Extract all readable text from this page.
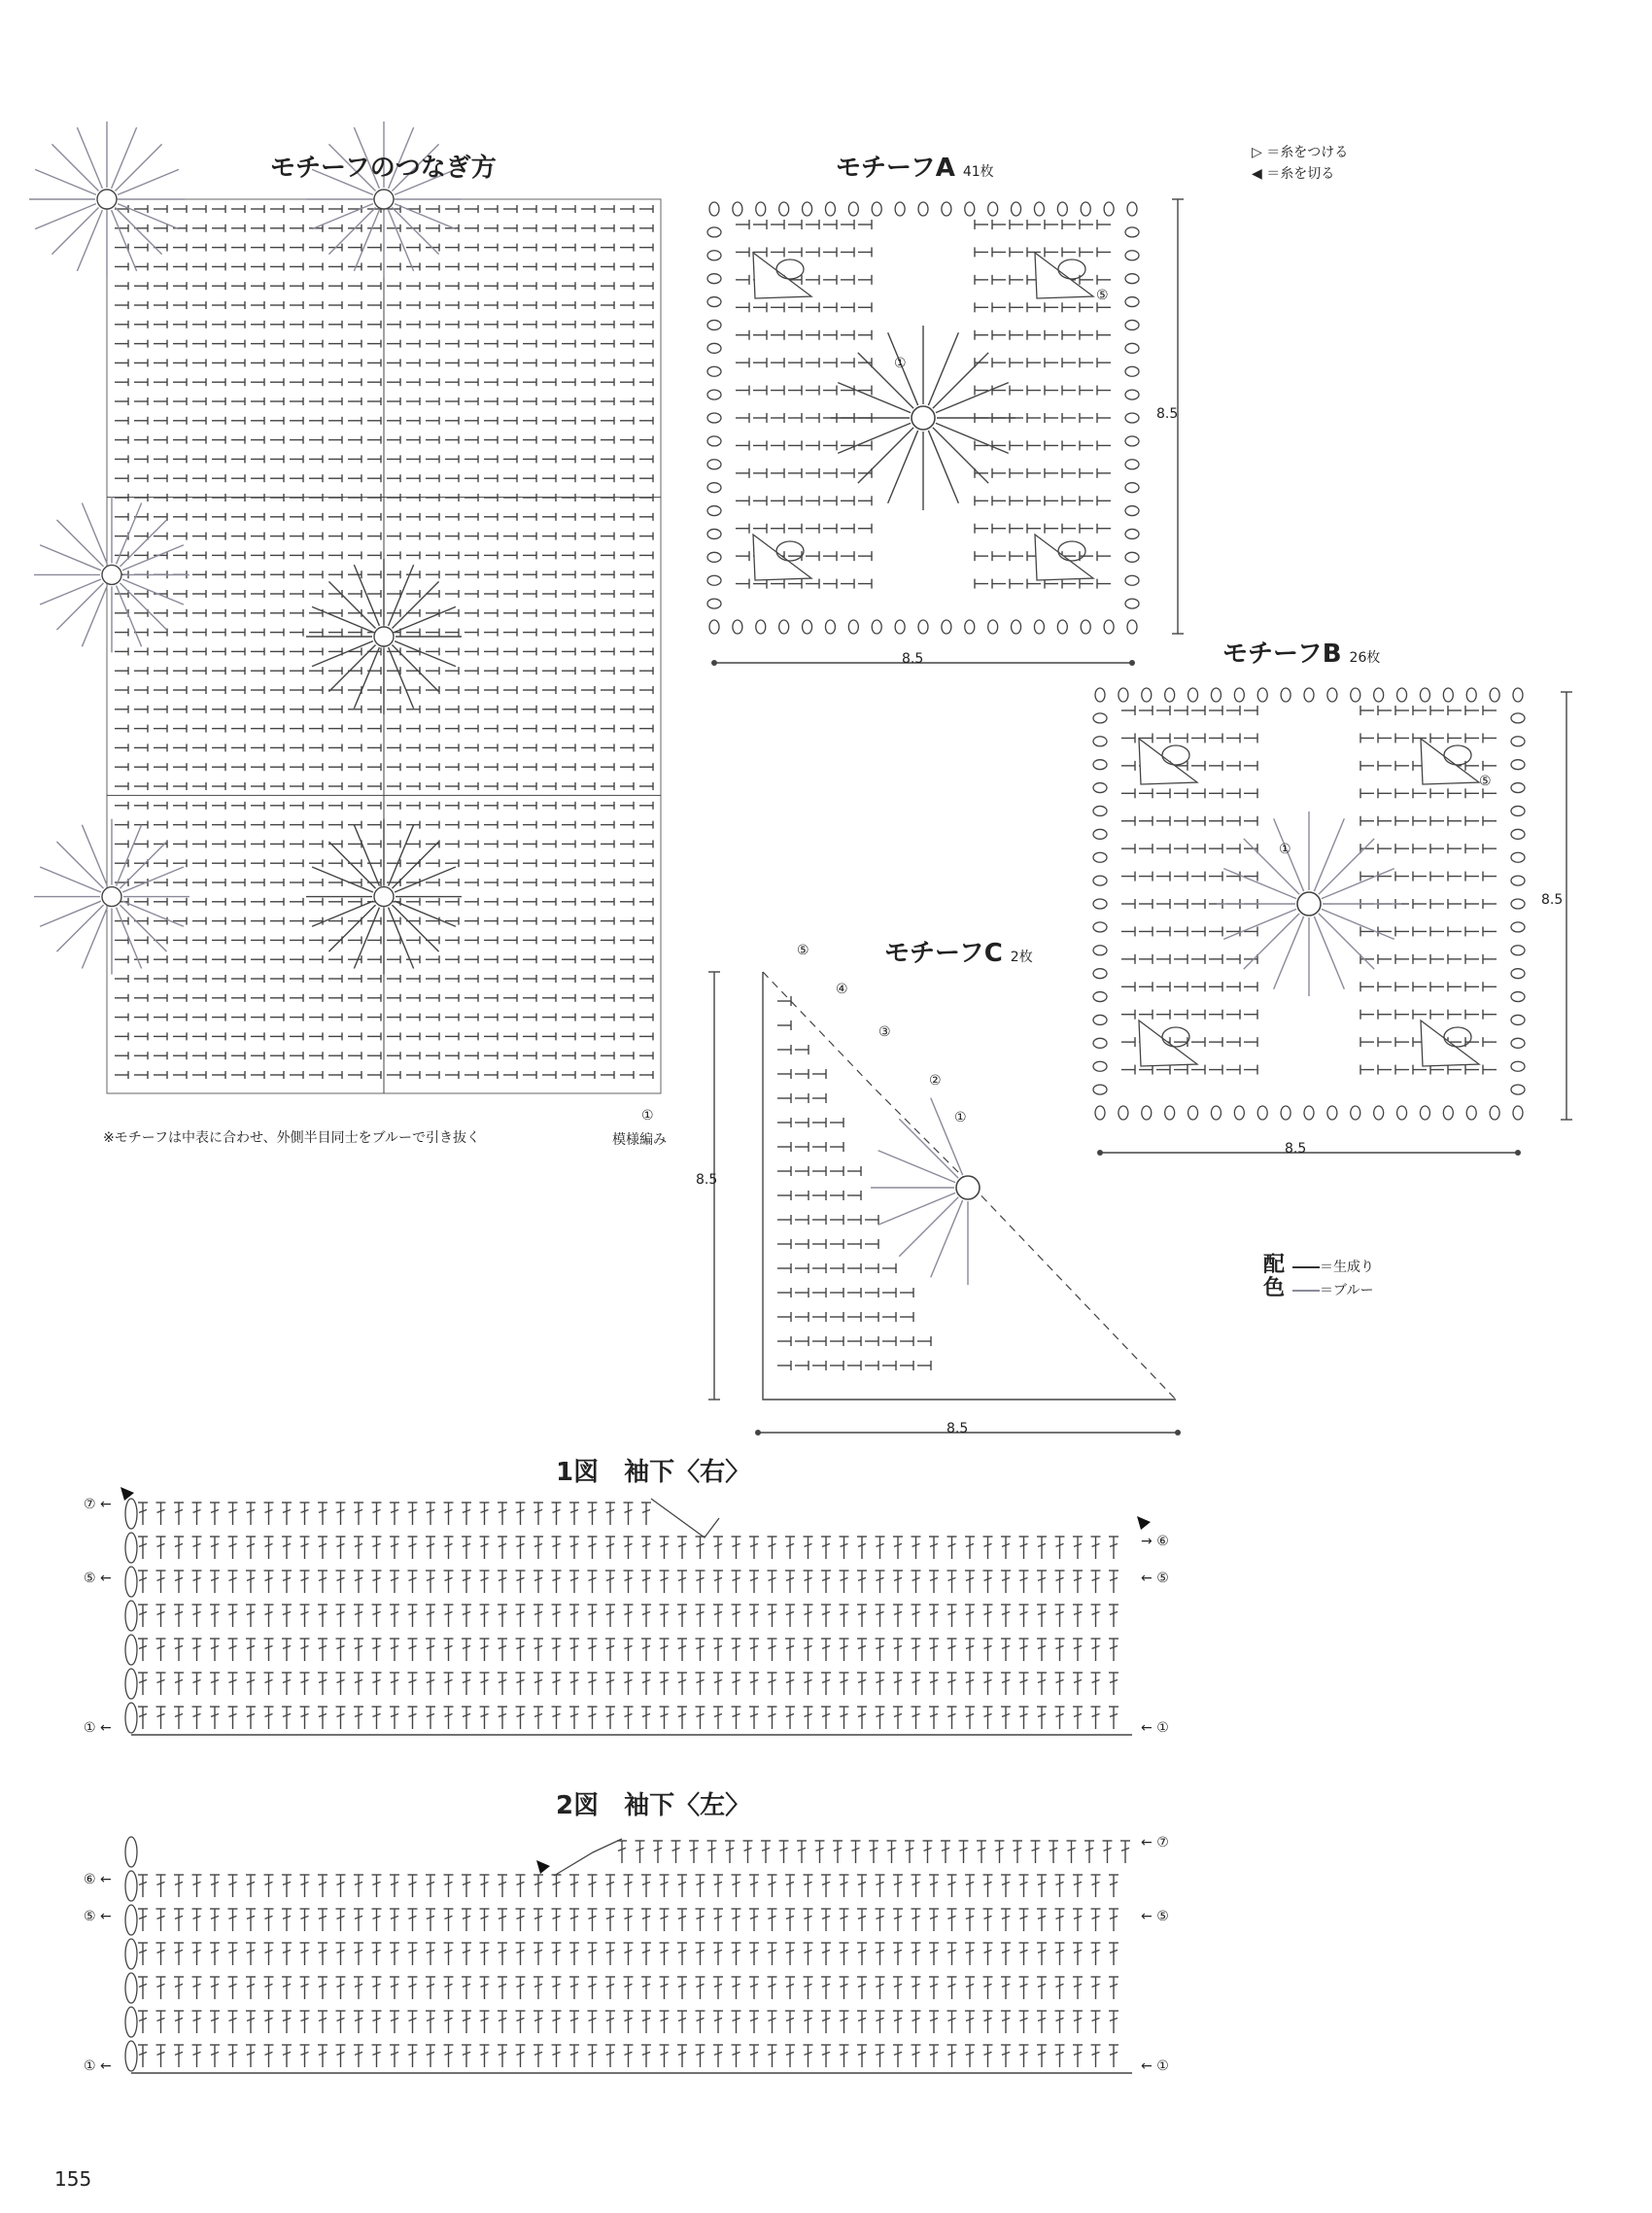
モチーフのつなぎ方	モチーフA 41枚
モチーフB 26枚
モチーフC 2枚
1図　袖下〈右〉
2図　袖下〈左〉
▷ ＝糸をつける
◀ ＝糸を切る
配色
＝生成り
＝ブルー
※モチーフは中表に合わせ、外側半目同士をブルーで引き抜く
①
模様編み
8.5
8.5
8.5
8.5
8.5
8.5
①
⑤
①
⑤
①
②
③
④
⑤
⑦ ←
⑤ ←
① ←
→ ⑥
← ⑤
← ①
⑥ ←
⑤ ←
① ←
← ⑦
← ⑤
← ①
155
